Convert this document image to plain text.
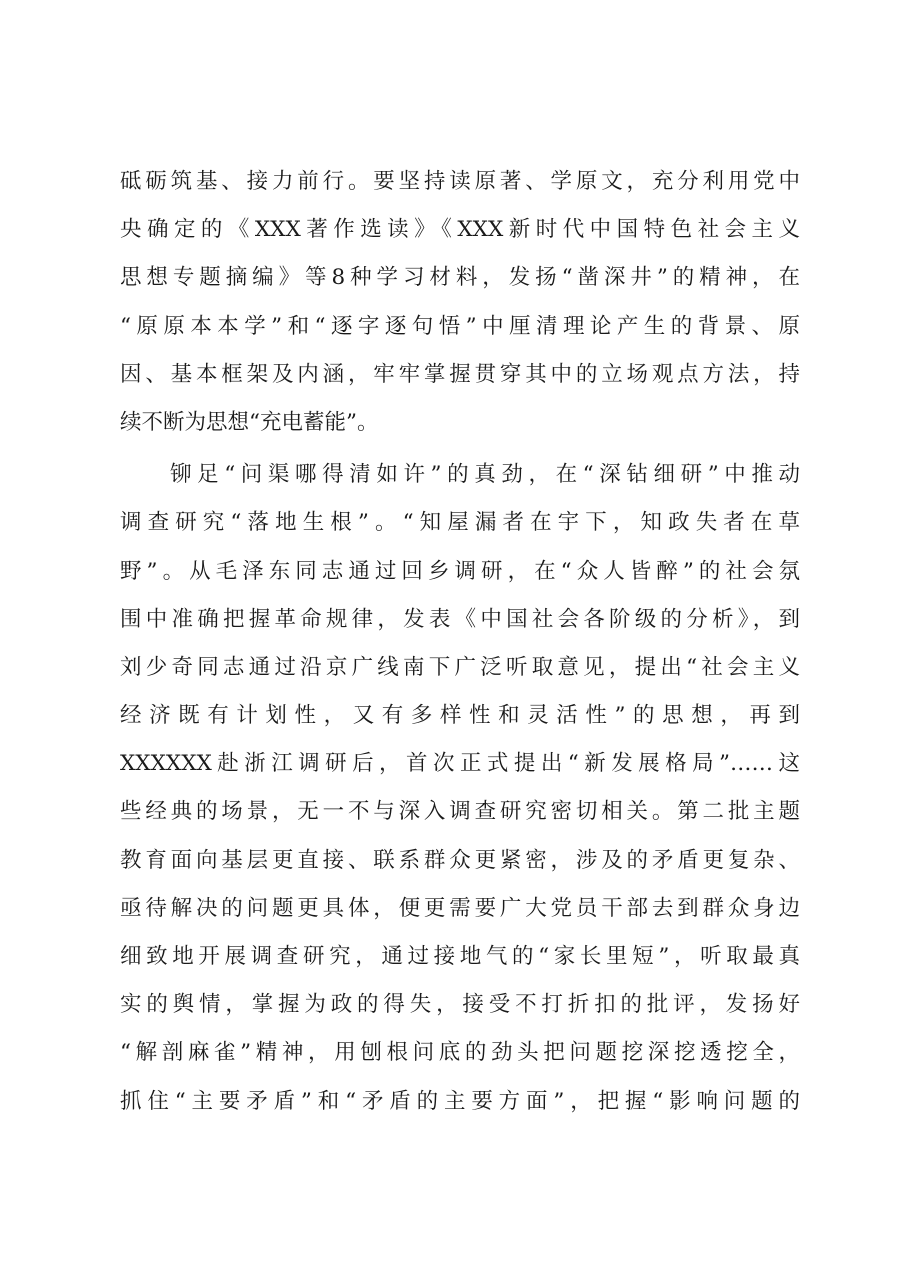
砥砺筑基、接力前行。要坚持读原著、学原文，充分利用党中
央确定的《XXX著作选读》《XXX新时代中国特色社会主义
思想专题摘编》等8种学习材料，发扬“凿深井”的精神，在
“原原本本学”和“逐字逐句悟”中厘清理论产生的背景、原
因、基本框架及内涵，牢牢掌握贯穿其中的立场观点方法，持
续不断为思想“充电蓄能”。
铆足“问渠哪得清如许”的真劲，在“深钻细研”中推动
调查研究“落地生根”。“知屋漏者在宇下，知政失者在草
野”。从毛泽东同志通过回乡调研，在“众人皆醉”的社会氛
围中准确把握革命规律，发表《中国社会各阶级的分析》，到
刘少奇同志通过沿京广线南下广泛听取意见，提出“社会主义
经济既有计划性，又有多样性和灵活性”的思想，再到
XXXXXX赴浙江调研后，首次正式提出“新发展格局”……这
些经典的场景，无一不与深入调查研究密切相关。第二批主题
教育面向基层更直接、联系群众更紧密，涉及的矛盾更复杂、
亟待解决的问题更具体，便更需要广大党员干部去到群众身边
细致地开展调查研究，通过接地气的“家长里短”，听取最真
实的舆情，掌握为政的得失，接受不打折扣的批评，发扬好
“解剖麻雀”精神，用刨根问底的劲头把问题挖深挖透挖全，
抓住“主要矛盾”和“矛盾的主要方面”，把握“影响问题的
